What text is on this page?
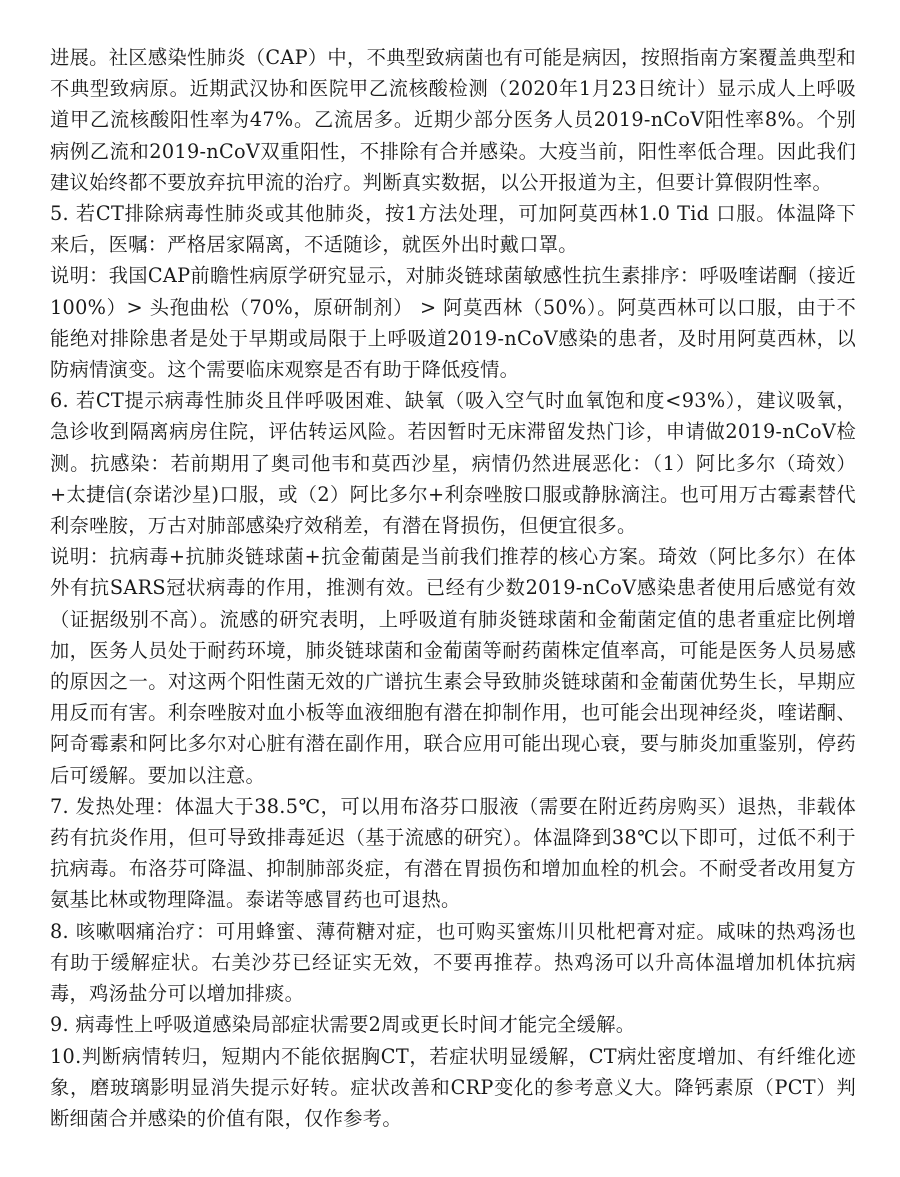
进展。社区感染性肺炎（CAP）中，不典型致病菌也有可能是病因，按照指南方案覆盖典型和不典型致病原。近期武汉协和医院甲乙流核酸检测（2020年1月23日统计）显示成人上呼吸道甲乙流核酸阳性率为47%。乙流居多。近期少部分医务人员2019-nCoV阳性率8%。个别病例乙流和2019-nCoV双重阳性，不排除有合并感染。大疫当前，阳性率低合理。因此我们建议始终都不要放弃抗甲流的治疗。判断真实数据，以公开报道为主，但要计算假阴性率。

5. 若CT排除病毒性肺炎或其他肺炎，按1方法处理，可加阿莫西林1.0 Tid 口服。体温降下来后，医嘱：严格居家隔离，不适随诊，就医外出时戴口罩。

说明：我国CAP前瞻性病原学研究显示，对肺炎链球菌敏感性抗生素排序：呼吸喹诺酮（接近100%）> 头孢曲松（70%，原研制剂） > 阿莫西林（50%）。阿莫西林可以口服，由于不能绝对排除患者是处于早期或局限于上呼吸道2019-nCoV感染的患者，及时用阿莫西林，以防病情演变。这个需要临床观察是否有助于降低疫情。

6. 若CT提示病毒性肺炎且伴呼吸困难、缺氧（吸入空气时血氧饱和度<93%），建议吸氧，急诊收到隔离病房住院，评估转运风险。若因暂时无床滞留发热门诊，申请做2019-nCoV检测。抗感染：若前期用了奥司他韦和莫西沙星，病情仍然进展恶化：（1）阿比多尔（琦效）+太捷信(奈诺沙星)口服，或（2）阿比多尔+利奈唑胺口服或静脉滴注。也可用万古霉素替代利奈唑胺，万古对肺部感染疗效稍差，有潜在肾损伤，但便宜很多。

说明：抗病毒+抗肺炎链球菌+抗金葡菌是当前我们推荐的核心方案。琦效（阿比多尔）在体外有抗SARS冠状病毒的作用，推测有效。已经有少数2019-nCoV感染患者使用后感觉有效（证据级别不高）。流感的研究表明，上呼吸道有肺炎链球菌和金葡菌定值的患者重症比例增加，医务人员处于耐药环境，肺炎链球菌和金葡菌等耐药菌株定值率高，可能是医务人员易感的原因之一。对这两个阳性菌无效的广谱抗生素会导致肺炎链球菌和金葡菌优势生长，早期应用反而有害。利奈唑胺对血小板等血液细胞有潜在抑制作用，也可能会出现神经炎，喹诺酮、阿奇霉素和阿比多尔对心脏有潜在副作用，联合应用可能出现心衰，要与肺炎加重鉴别，停药后可缓解。要加以注意。

7. 发热处理：体温大于38.5℃，可以用布洛芬口服液（需要在附近药房购买）退热，非载体药有抗炎作用，但可导致排毒延迟（基于流感的研究）。体温降到38℃以下即可，过低不利于抗病毒。布洛芬可降温、抑制肺部炎症，有潜在胃损伤和增加血栓的机会。不耐受者改用复方氨基比林或物理降温。泰诺等感冒药也可退热。

8. 咳嗽咽痛治疗：可用蜂蜜、薄荷糖对症，也可购买蜜炼川贝枇杷膏对症。咸味的热鸡汤也有助于缓解症状。右美沙芬已经证实无效，不要再推荐。热鸡汤可以升高体温增加机体抗病毒，鸡汤盐分可以增加排痰。

9. 病毒性上呼吸道感染局部症状需要2周或更长时间才能完全缓解。

10.判断病情转归，短期内不能依据胸CT，若症状明显缓解，CT病灶密度增加、有纤维化迹象，磨玻璃影明显消失提示好转。症状改善和CRP变化的参考意义大。降钙素原（PCT）判断细菌合并感染的价值有限，仅作参考。
